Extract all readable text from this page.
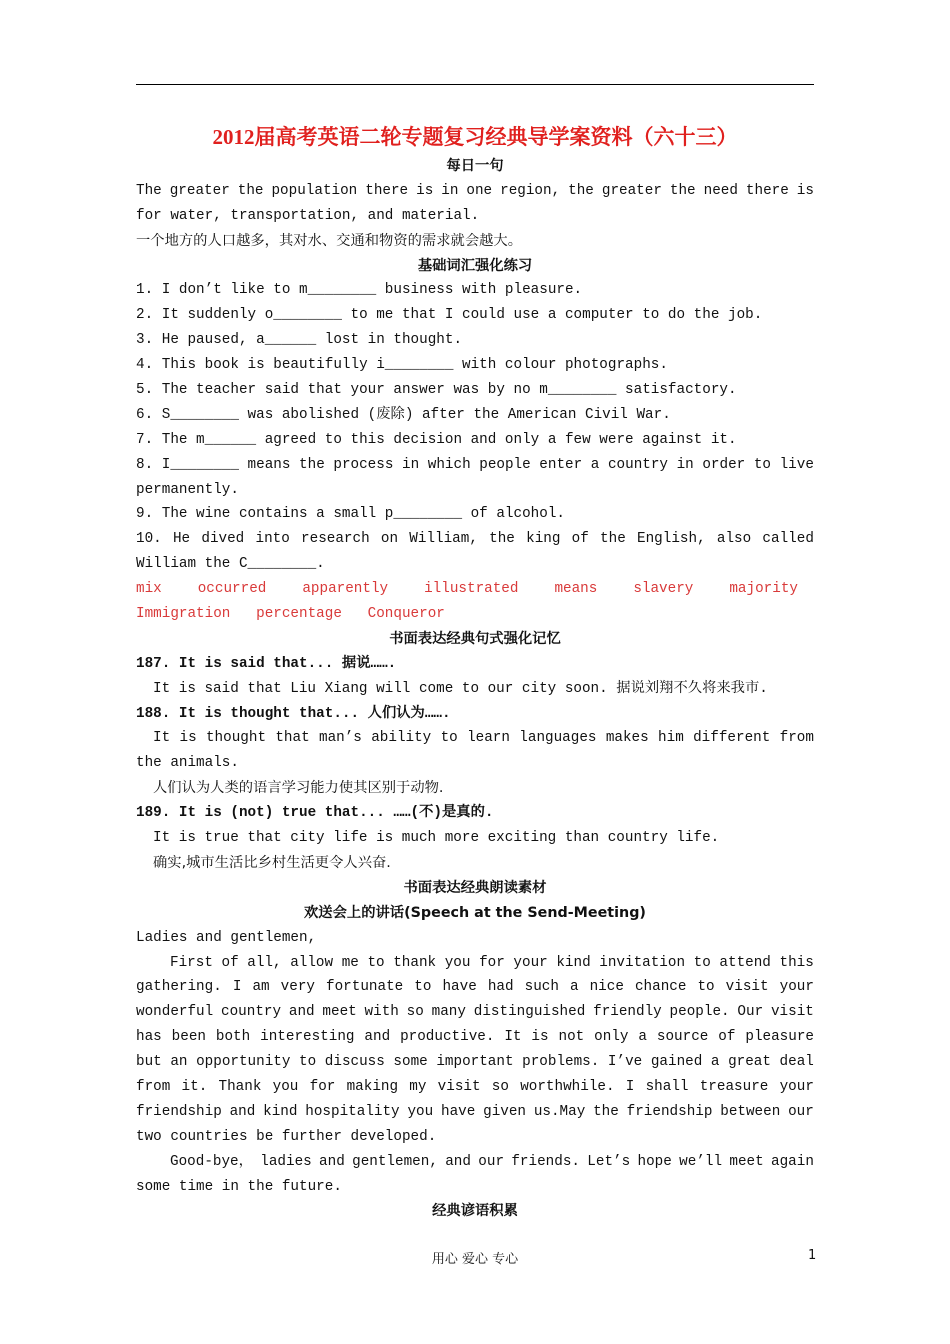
2012届高考英语二轮专题复习经典导学案资料（六十三）
每日一句
The greater the population there is in one region, the greater the need there is
for water, transportation, and material.
一个地方的人口越多，其对水、交通和物资的需求就会越大。
基础词汇强化练习
1. I don’t like to m________ business with pleasure.
2. It suddenly o________ to me that I could use a computer to do the job.
3. He paused, a______ lost in thought.
4. This book is beautifully i________ with colour photographs.
5. The teacher said that your answer was by no m________ satisfactory.
6. S________ was abolished (废除) after the American Civil War.
7. The m______ agreed to this decision and only a few were against it.
8. I________ means the process in which people enter a country in order to live
permanently.
9. The wine contains a small p________ of alcohol.
10. He dived into research on William, the king of the English, also called
William the C________.
mix	occurred	apparently	illustrated	means	slavery	majority
Immigration   percentage   Conqueror
书面表达经典句式强化记忆
187. It is said that... 据说…….
It is said that Liu Xiang will come to our city soon. 据说刘翔不久将来我市.
188. It is thought that... 人们认为…….
It is thought that man’s ability to learn languages makes him different from
the animals.
人们认为人类的语言学习能力使其区别于动物.
189. It is (not) true that... ……(不)是真的.
It is true that city life is much more exciting than country life.
确实,城市生活比乡村生活更令人兴奋.
书面表达经典朗读素材
欢送会上的讲话(Speech at the Send-Meeting)
Ladies and gentlemen,
First of all, allow me to thank you for your kind invitation to attend this
gathering. I am very fortunate to have had such a nice chance to visit your
wonderful country and meet with so many distinguished friendly people. Our visit
has been both interesting and productive. It is not only a source of pleasure
but an opportunity to discuss some important problems. I’ve gained a great deal
from it. Thank you for making my visit so worthwhile. I shall treasure your
friendship and kind hospitality you have given us.May the friendship between our
two countries be further developed.
Good-bye， ladies and gentlemen, and our friends. Let’s hope we’ll meet again
some time in the future.
经典谚语积累
用心 爱心 专心	1
